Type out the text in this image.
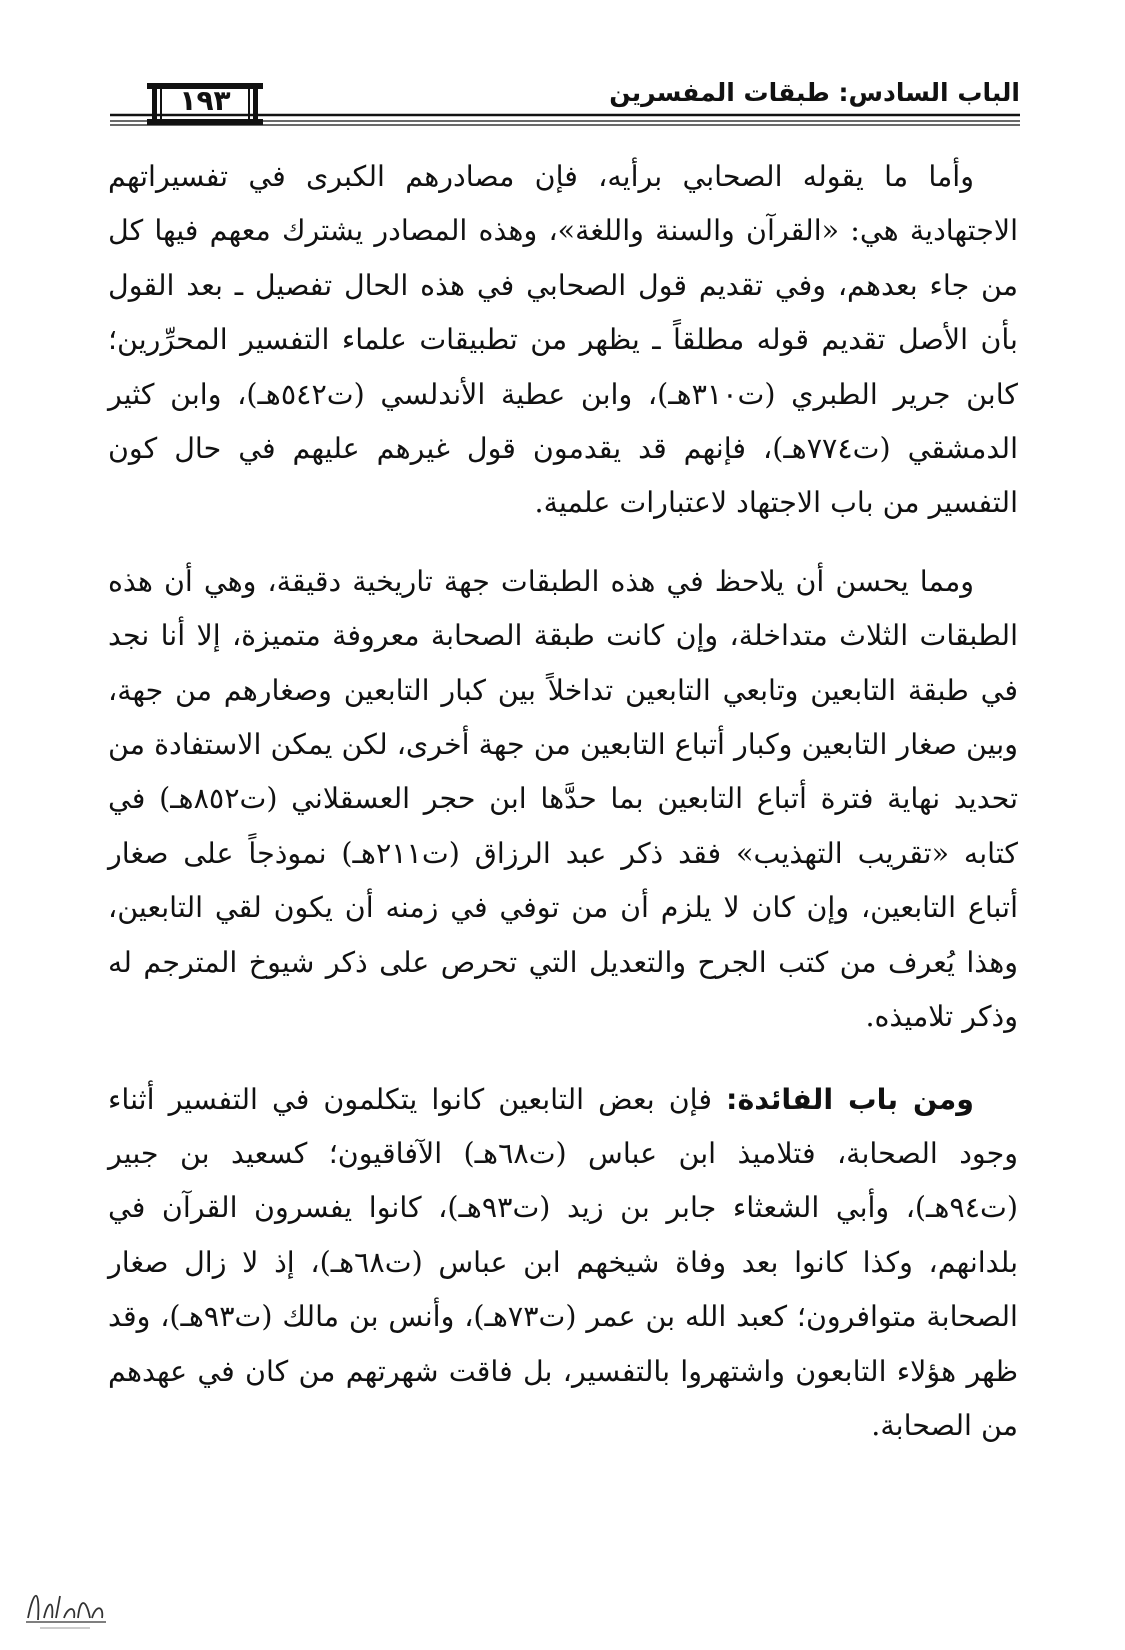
الباب السادس: طبقات المفسرين
١٩٣

وأما ما يقوله الصحابي برأيه، فإن مصادرهم الكبرى في تفسيراتهم الاجتهادية هي: «القرآن والسنة واللغة»، وهذه المصادر يشترك معهم فيها كل من جاء بعدهم، وفي تقديم قول الصحابي في هذه الحال تفصيل ـ بعد القول بأن الأصل تقديم قوله مطلقاً ـ يظهر من تطبيقات علماء التفسير المحرِّرين؛ كابن جرير الطبري (ت٣١٠هـ)، وابن عطية الأندلسي (ت٥٤٢هـ)، وابن كثير الدمشقي (ت٧٧٤هـ)، فإنهم قد يقدمون قول غيرهم عليهم في حال كون التفسير من باب الاجتهاد لاعتبارات علمية.

ومما يحسن أن يلاحظ في هذه الطبقات جهة تاريخية دقيقة، وهي أن هذه الطبقات الثلاث متداخلة، وإن كانت طبقة الصحابة معروفة متميزة، إلا أنا نجد في طبقة التابعين وتابعي التابعين تداخلاً بين كبار التابعين وصغارهم من جهة، وبين صغار التابعين وكبار أتباع التابعين من جهة أخرى، لكن يمكن الاستفادة من تحديد نهاية فترة أتباع التابعين بما حدَّها ابن حجر العسقلاني (ت٨٥٢هـ) في كتابه «تقريب التهذيب» فقد ذكر عبد الرزاق (ت٢١١هـ) نموذجاً على صغار أتباع التابعين، وإن كان لا يلزم أن من توفي في زمنه أن يكون لقي التابعين، وهذا يُعرف من كتب الجرح والتعديل التي تحرص على ذكر شيوخ المترجم له وذكر تلاميذه.

ومن باب الفائدة: فإن بعض التابعين كانوا يتكلمون في التفسير أثناء وجود الصحابة، فتلاميذ ابن عباس (ت٦٨هـ) الآفاقيون؛ كسعيد بن جبير (ت٩٤هـ)، وأبي الشعثاء جابر بن زيد (ت٩٣هـ)، كانوا يفسرون القرآن في بلدانهم، وكذا كانوا بعد وفاة شيخهم ابن عباس (ت٦٨هـ)، إذ لا زال صغار الصحابة متوافرون؛ كعبد الله بن عمر (ت٧٣هـ)، وأنس بن مالك (ت٩٣هـ)، وقد ظهر هؤلاء التابعون واشتهروا بالتفسير، بل فاقت شهرتهم من كان في عهدهم من الصحابة.
